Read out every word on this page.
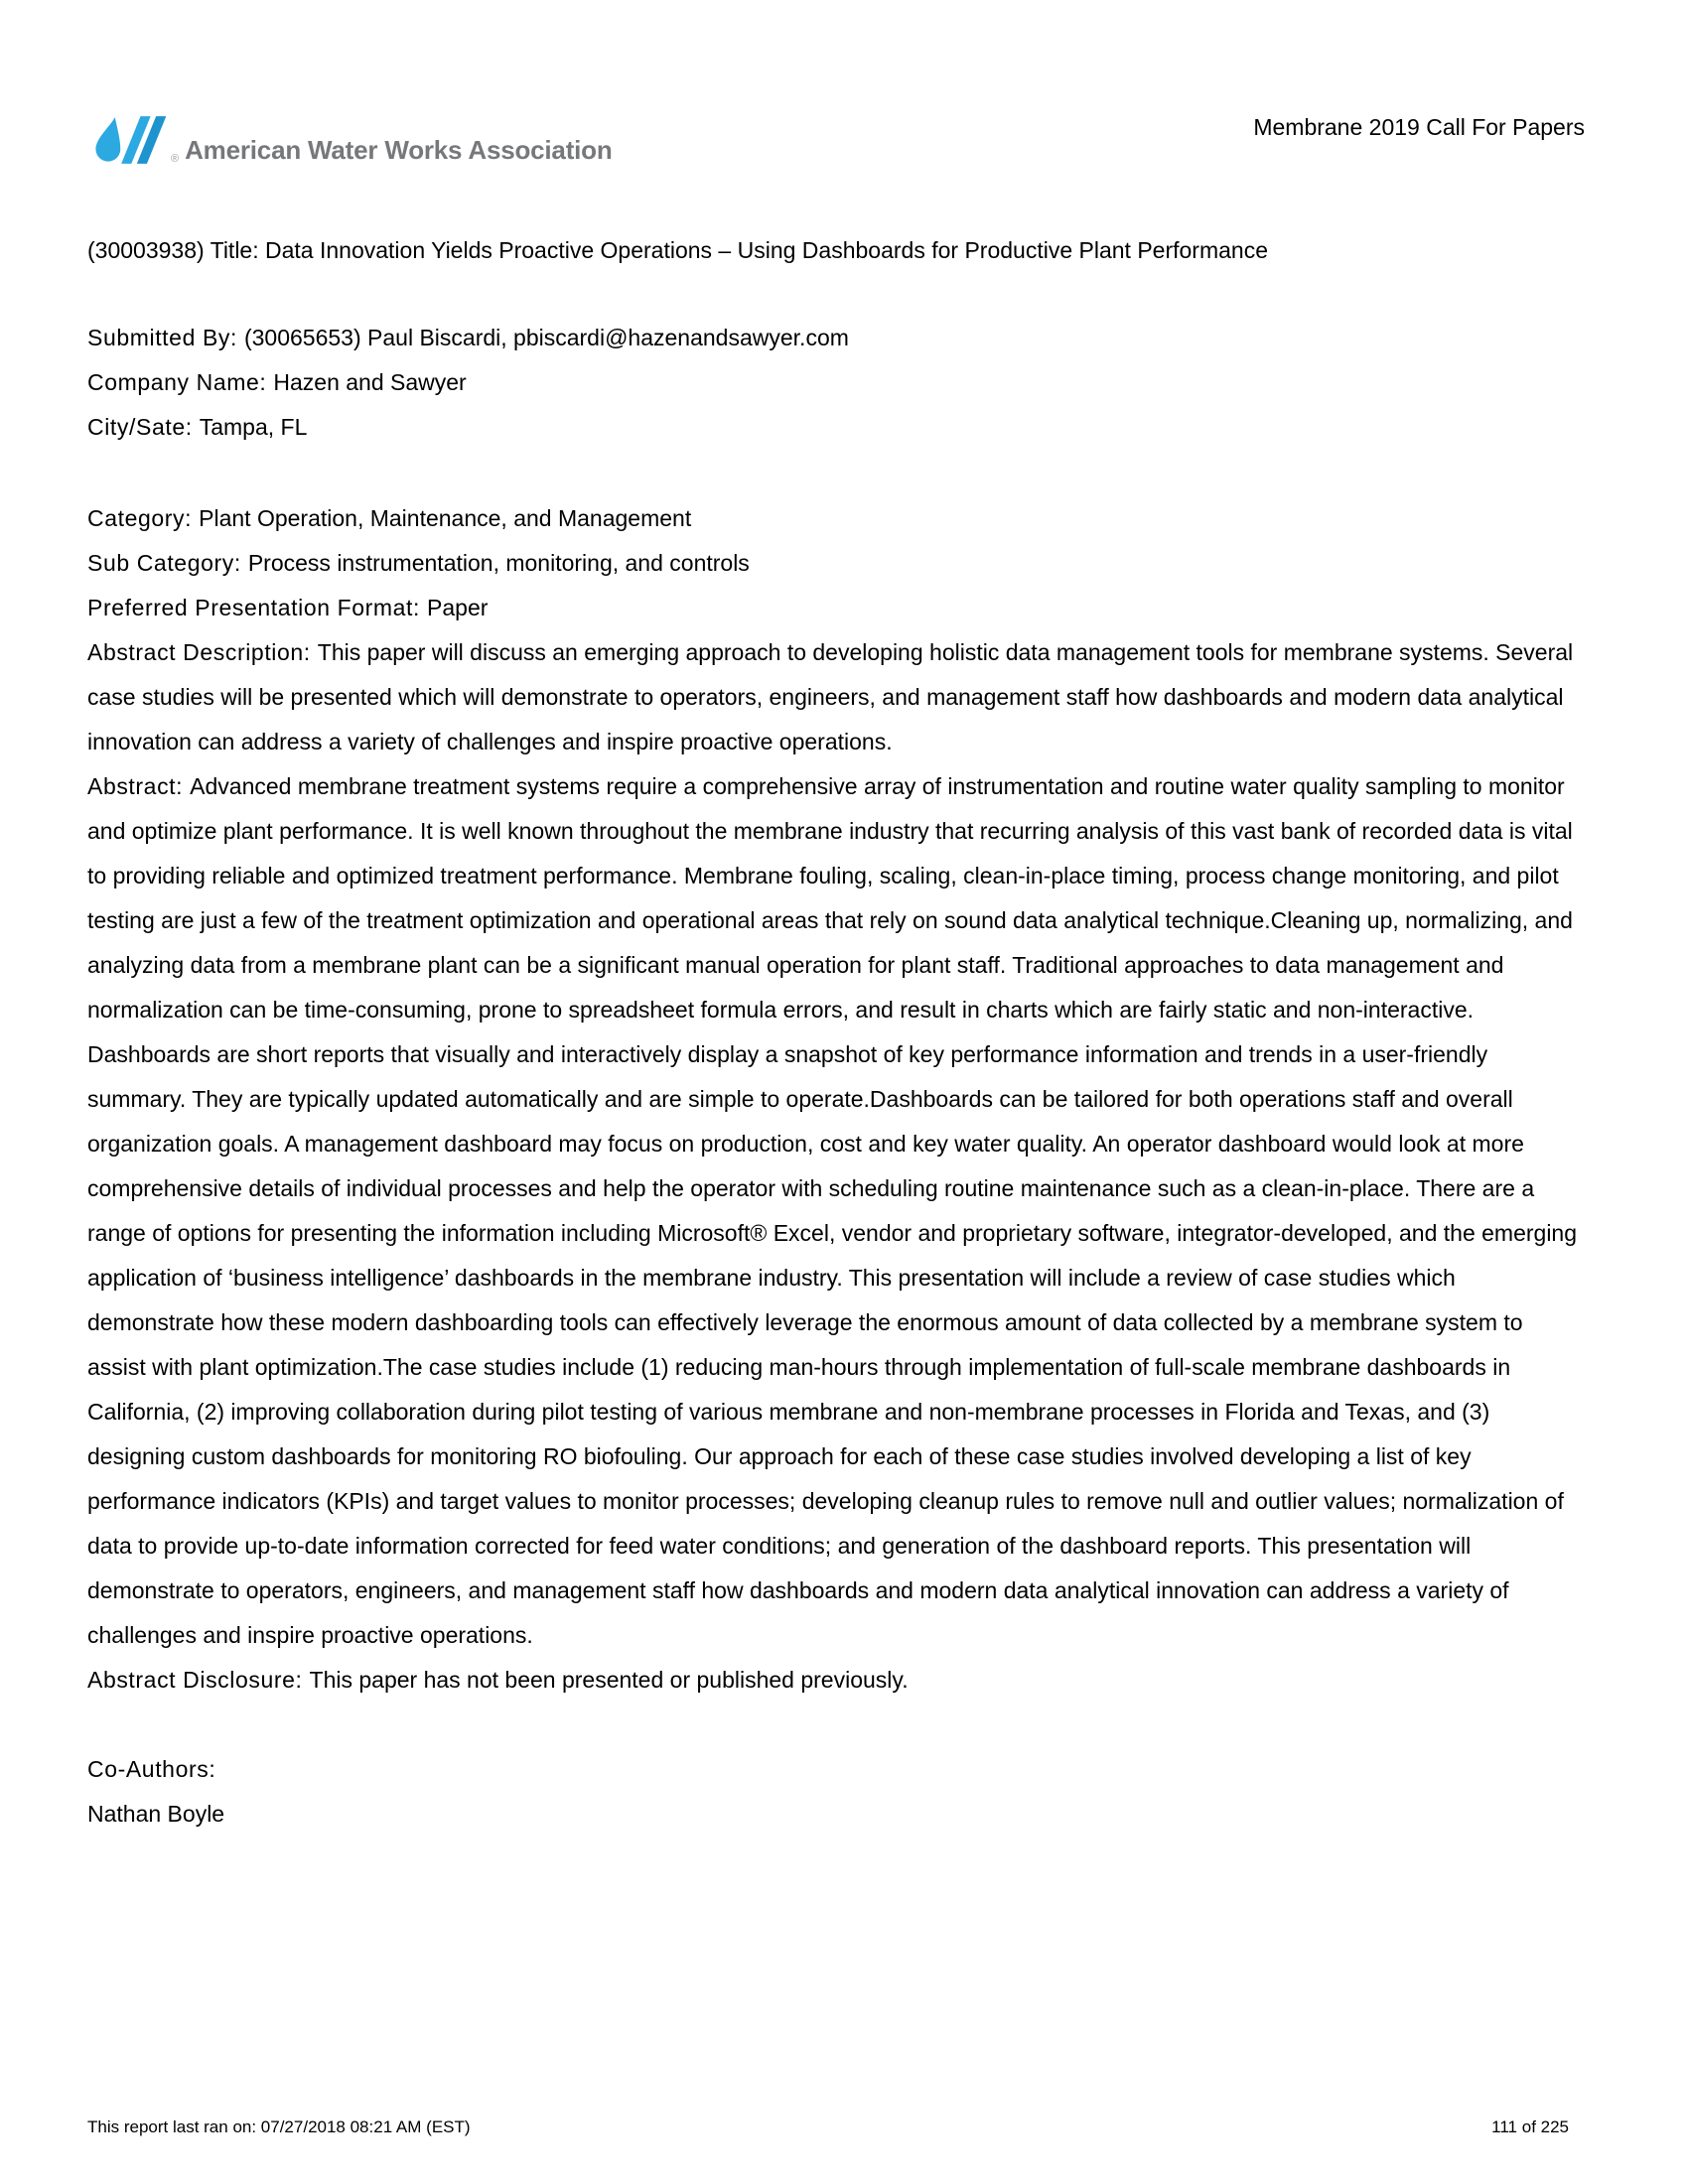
® American Water Works Association
Membrane 2019 Call For Papers

(30003938) Title: Data Innovation Yields Proactive Operations – Using Dashboards for Productive Plant Performance

Submitted By: (30065653) Paul Biscardi, pbiscardi@hazenandsawyer.com

Company Name: Hazen and Sawyer

City/Sate: Tampa, FL

Category: Plant Operation, Maintenance, and Management

Sub Category: Process instrumentation, monitoring, and controls

Preferred Presentation Format: Paper

Abstract Description: This paper will discuss an emerging approach to developing holistic data management tools for membrane systems. Several case studies will be presented which will demonstrate to operators, engineers, and management staff how dashboards and modern data analytical innovation can address a variety of challenges and inspire proactive operations.

Abstract: Advanced membrane treatment systems require a comprehensive array of instrumentation and routine water quality sampling to monitor and optimize plant performance. It is well known throughout the membrane industry that recurring analysis of this vast bank of recorded data is vital to providing reliable and optimized treatment performance. Membrane fouling, scaling, clean-in-place timing, process change monitoring, and pilot testing are just a few of the treatment optimization and operational areas that rely on sound data analytical technique.Cleaning up, normalizing, and analyzing data from a membrane plant can be a significant manual operation for plant staff. Traditional approaches to data management and normalization can be time-consuming, prone to spreadsheet formula errors, and result in charts which are fairly static and non-interactive. Dashboards are short reports that visually and interactively display a snapshot of key performance information and trends in a user-friendly summary. They are typically updated automatically and are simple to operate.Dashboards can be tailored for both operations staff and overall organization goals. A management dashboard may focus on production, cost and key water quality. An operator dashboard would look at more comprehensive details of individual processes and help the operator with scheduling routine maintenance such as a clean-in-place. There are a range of options for presenting the information including Microsoft® Excel, vendor and proprietary software, integrator-developed, and the emerging application of ‘business intelligence’ dashboards in the membrane industry. This presentation will include a review of case studies which demonstrate how these modern dashboarding tools can effectively leverage the enormous amount of data collected by a membrane system to assist with plant optimization.The case studies include (1) reducing man-hours through implementation of full-scale membrane dashboards in California, (2) improving collaboration during pilot testing of various membrane and non-membrane processes in Florida and Texas, and (3) designing custom dashboards for monitoring RO biofouling. Our approach for each of these case studies involved developing a list of key performance indicators (KPIs) and target values to monitor processes; developing cleanup rules to remove null and outlier values; normalization of data to provide up-to-date information corrected for feed water conditions; and generation of the dashboard reports. This presentation will demonstrate to operators, engineers, and management staff how dashboards and modern data analytical innovation can address a variety of challenges and inspire proactive operations.

Abstract Disclosure: This paper has not been presented or published previously.

Co-Authors:

Nathan Boyle

This report last ran on: 07/27/2018 08:21 AM (EST)	111 of 225
